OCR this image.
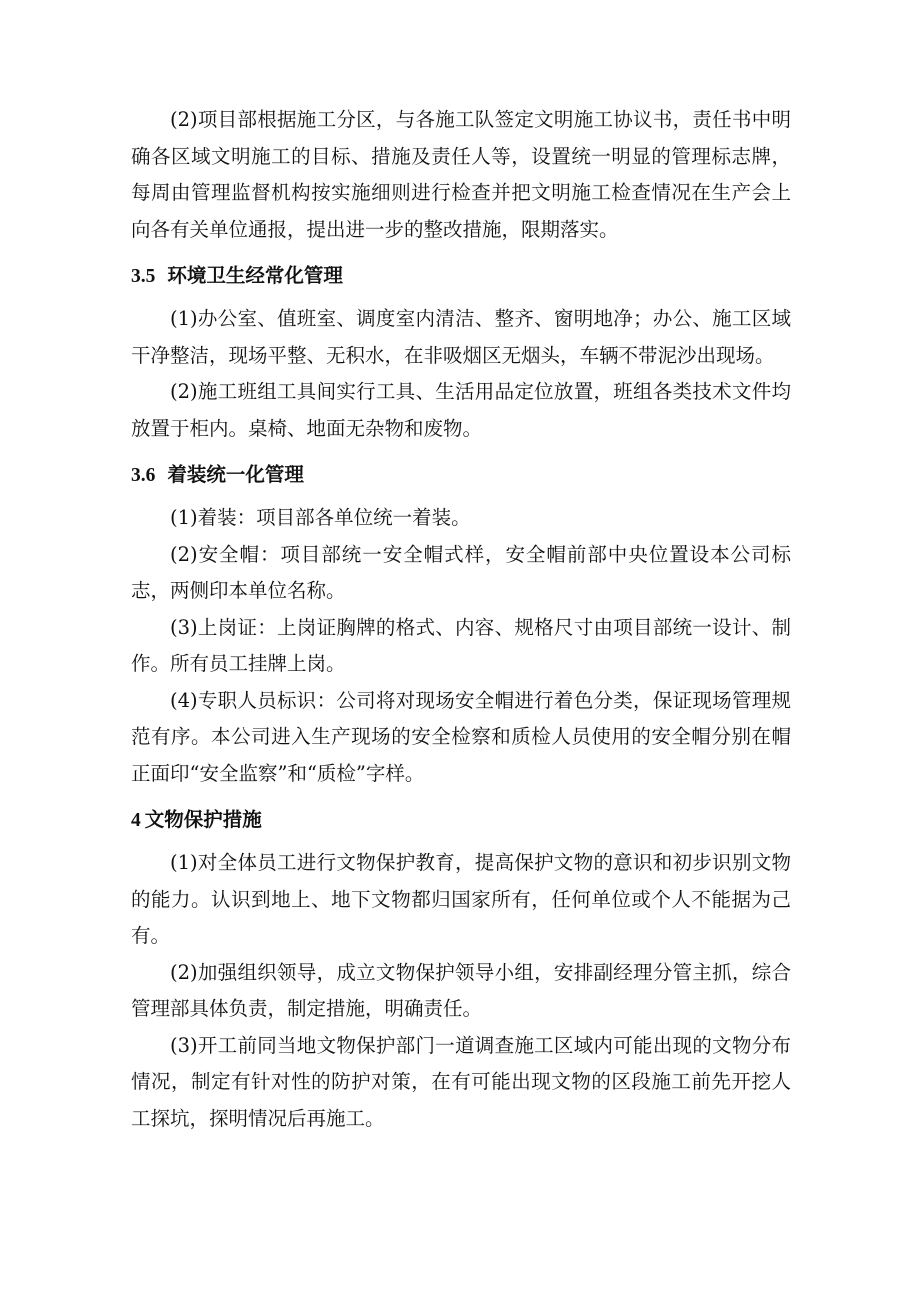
(2)项目部根据施工分区，与各施工队签定文明施工协议书，责任书中明确各区域文明施工的目标、措施及责任人等，设置统一明显的管理标志牌，每周由管理监督机构按实施细则进行检查并把文明施工检查情况在生产会上向各有关单位通报，提出进一步的整改措施，限期落实。

3.5 环境卫生经常化管理

(1)办公室、值班室、调度室内清洁、整齐、窗明地净；办公、施工区域干净整洁，现场平整、无积水，在非吸烟区无烟头，车辆不带泥沙出现场。

(2)施工班组工具间实行工具、生活用品定位放置，班组各类技术文件均放置于柜内。桌椅、地面无杂物和废物。

3.6 着装统一化管理

(1)着装：项目部各单位统一着装。

(2)安全帽：项目部统一安全帽式样，安全帽前部中央位置设本公司标志，两侧印本单位名称。

(3)上岗证：上岗证胸牌的格式、内容、规格尺寸由项目部统一设计、制作。所有员工挂牌上岗。

(4)专职人员标识：公司将对现场安全帽进行着色分类，保证现场管理规范有序。本公司进入生产现场的安全检察和质检人员使用的安全帽分别在帽正面印“安全监察”和“质检”字样。

4 文物保护措施

(1)对全体员工进行文物保护教育，提高保护文物的意识和初步识别文物的能力。认识到地上、地下文物都归国家所有，任何单位或个人不能据为己有。

(2)加强组织领导，成立文物保护领导小组，安排副经理分管主抓，综合管理部具体负责，制定措施，明确责任。

(3)开工前同当地文物保护部门一道调查施工区域内可能出现的文物分布情况，制定有针对性的防护对策，在有可能出现文物的区段施工前先开挖人工探坑，探明情况后再施工。
